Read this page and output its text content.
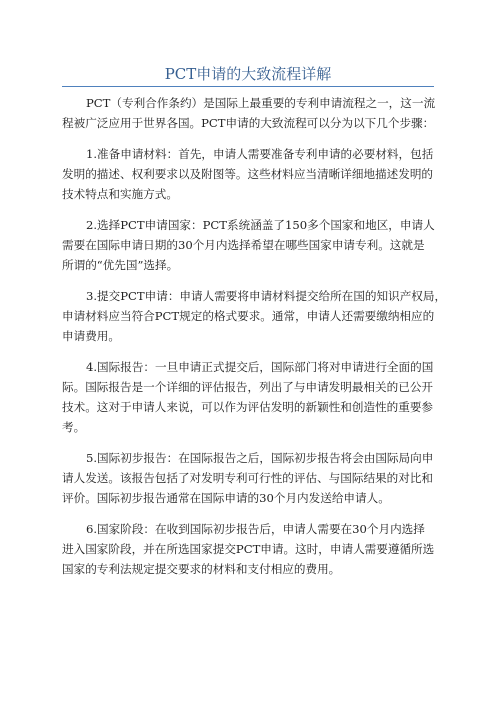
PCT申请的大致流程详解
PCT（专利合作条约）是国际上最重要的专利申请流程之一，这一流
程被广泛应用于世界各国。PCT申请的大致流程可以分为以下几个步骤：
1.准备申请材料：首先，申请人需要准备专利申请的必要材料，包括
发明的描述、权利要求以及附图等。这些材料应当清晰详细地描述发明的
技术特点和实施方式。
2.选择PCT申请国家：PCT系统涵盖了150多个国家和地区，申请人
需要在国际申请日期的30个月内选择希望在哪些国家申请专利。这就是
所谓的“优先国”选择。
3.提交PCT申请：申请人需要将申请材料提交给所在国的知识产权局，
申请材料应当符合PCT规定的格式要求。通常，申请人还需要缴纳相应的
申请费用。
4.国际报告：一旦申请正式提交后，国际部门将对申请进行全面的国
际。国际报告是一个详细的评估报告，列出了与申请发明最相关的已公开
技术。这对于申请人来说，可以作为评估发明的新颖性和创造性的重要参
考。
5.国际初步报告：在国际报告之后，国际初步报告将会由国际局向申
请人发送。该报告包括了对发明专利可行性的评估、与国际结果的对比和
评价。国际初步报告通常在国际申请的30个月内发送给申请人。
6.国家阶段：在收到国际初步报告后，申请人需要在30个月内选择
进入国家阶段，并在所选国家提交PCT申请。这时，申请人需要遵循所选
国家的专利法规定提交要求的材料和支付相应的费用。
